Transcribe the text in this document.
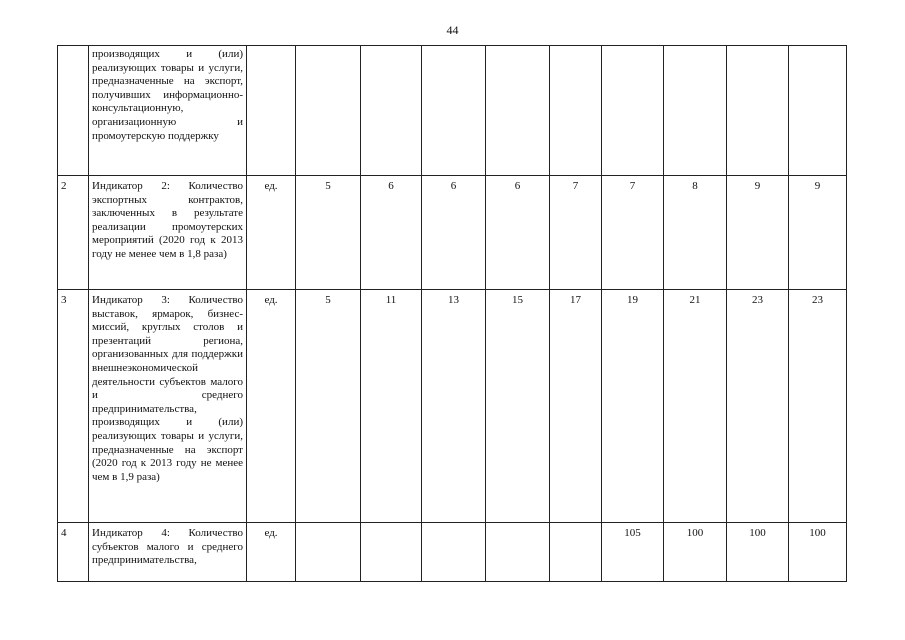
44
	производящих и (или) реализующих товары и услуги, предназначенные на экспорт, получивших информационно-консультационную, организационную и промоутерскую поддержку										
2	Индикатор 2: Количество экспортных контрактов, заключенных в результате реализации промоутерских мероприятий (2020 год к 2013 году не менее чем в 1,8 раза)	ед.	5	6	6	6	7	7	8	9	9
3	Индикатор 3: Количество выставок, ярмарок, бизнес-миссий, круглых столов и презентаций региона, организованных для поддержки внешнеэкономической деятельности субъектов малого и среднего предпринимательства, производящих и (или) реализующих товары и услуги, предназначенные на экспорт (2020 год к 2013 году не менее чем в 1,9 раза)	ед.	5	11	13	15	17	19	21	23	23
4	Индикатор 4: Количество субъектов малого и среднего предпринимательства,	ед.						105	100	100	100
